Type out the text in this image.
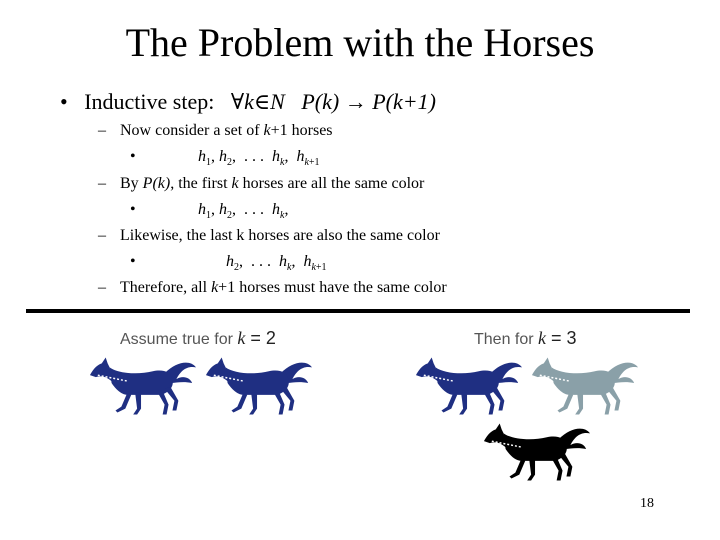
The Problem with the Horses
•   Inductive step: ∀k∈N P(k) → P(k+1)
– Now consider a set of k+1 horses
•	$h_1$, $h_2$,  . . .  $h_k$,  $h_{k+1}$
– By P(k), the first k horses are all the same color
•	$h_1$, $h_2$,  . . .  $h_k$,
– Likewise, the last k horses are also the same color
•	$h_2$,  . . .  $h_k$,  $h_{k+1}$
– Therefore, all k+1 horses must have the same color
Assume true for k = 2	Then for k = 3
18
